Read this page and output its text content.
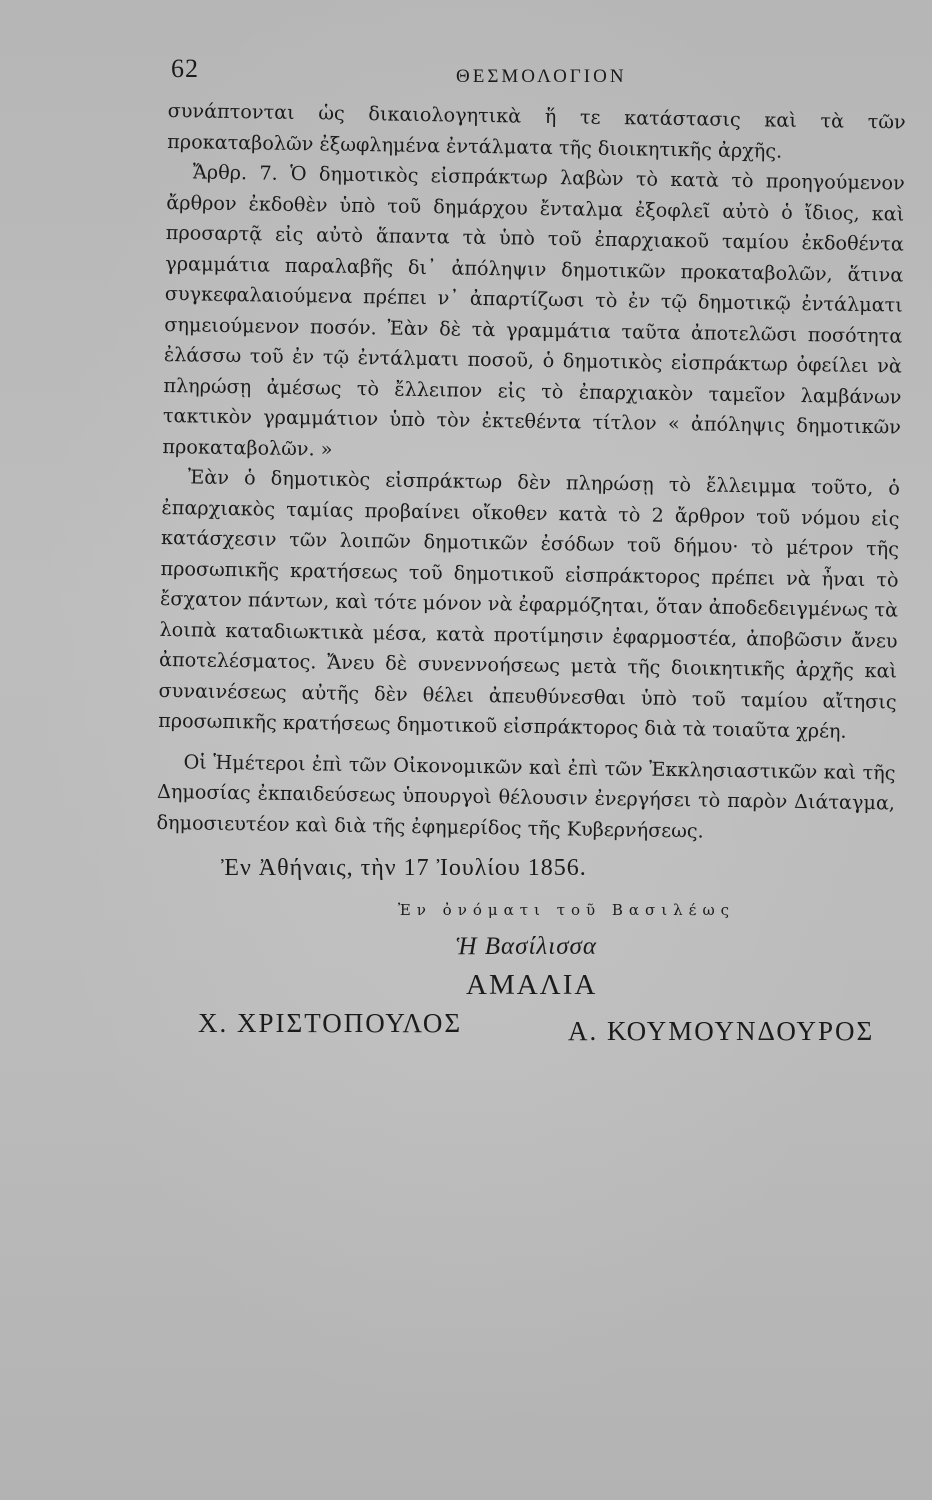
62	ΘΕΣΜΟΛΟΓΙΟΝ

συνάπτονται ὡς δικαιολογητικὰ ἥ τε κατάστασις καὶ τὰ τῶν προκαταβολῶν ἐξωφλημένα ἐντάλματα τῆς διοικητικῆς ἀρχῆς.

Ἄρθρ. 7. Ὁ δημοτικὸς εἰσπράκτωρ λαβὼν τὸ κατὰ τὸ προηγούμενον ἄρθρον ἐκδοθὲν ὑπὸ τοῦ δημάρχου ἔνταλμα ἐξοφλεῖ αὐτὸ ὁ ἴδιος, καὶ προσαρτᾷ εἰς αὐτὸ ἅπαντα τὰ ὑπὸ τοῦ ἐπαρχιακοῦ ταμίου ἐκδοθέντα γραμμάτια παραλαβῆς δι᾽ ἀπόληψιν δημοτικῶν προκαταβολῶν, ἅτινα συγκεφαλαιούμενα πρέπει ν᾽ ἀπαρτίζωσι τὸ ἐν τῷ δημοτικῷ ἐντάλματι σημειούμενον ποσόν. Ἐὰν δὲ τὰ γραμμάτια ταῦτα ἀποτελῶσι ποσότητα ἐλάσσω τοῦ ἐν τῷ ἐντάλματι ποσοῦ, ὁ δημοτικὸς εἰσπράκτωρ ὀφείλει νὰ πληρώσῃ ἀμέσως τὸ ἔλλειπον εἰς τὸ ἐπαρχιακὸν ταμεῖον λαμβάνων τακτικὸν γραμμάτιον ὑπὸ τὸν ἐκτεθέντα τίτλον « ἀπόληψις δημοτικῶν προκαταβολῶν. »

Ἐὰν ὁ δημοτικὸς εἰσπράκτωρ δὲν πληρώσῃ τὸ ἔλλειμμα τοῦτο, ὁ ἐπαρχιακὸς ταμίας προβαίνει οἴκοθεν κατὰ τὸ 2 ἄρθρον τοῦ νόμου εἰς κατάσχεσιν τῶν λοιπῶν δημοτικῶν ἐσόδων τοῦ δήμου· τὸ μέτρον τῆς προσωπικῆς κρατήσεως τοῦ δημοτικοῦ εἰσπράκτορος πρέπει νὰ ἦναι τὸ ἔσχατον πάντων, καὶ τότε μόνον νὰ ἐφαρμόζηται, ὅταν ἀποδεδειγμένως τὰ λοιπὰ καταδιωκτικὰ μέσα, κατὰ προτίμησιν ἐφαρμοστέα, ἀποβῶσιν ἄνευ ἀποτελέσματος. Ἄνευ δὲ συνεννοήσεως μετὰ τῆς διοικητικῆς ἀρχῆς καὶ συναινέσεως αὐτῆς δὲν θέλει ἀπευθύνεσθαι ὑπὸ τοῦ ταμίου αἴτησις προσωπικῆς κρατήσεως δημοτικοῦ εἰσπράκτορος διὰ τὰ τοιαῦτα χρέη.

Οἱ Ἡμέτεροι ἐπὶ τῶν Οἰκονομικῶν καὶ ἐπὶ τῶν Ἐκκλησιαστικῶν καὶ τῆς Δημοσίας ἐκπαιδεύσεως ὑπουργοὶ θέλουσιν ἐνεργήσει τὸ παρὸν Διάταγμα, δημοσιευτέον καὶ διὰ τῆς ἐφημερίδος τῆς Κυβερνήσεως.

Ἐν Ἀθήναις, τὴν 17 Ἰουλίου 1856.
Ἐν ὀνόματι τοῦ Βασιλέως
Ἡ Βασίλισσα
ΑΜΑΛΙΑ
Χ. ΧΡΙΣΤΟΠΟΥΛΟΣ	Α. ΚΟΥΜΟΥΝΔΟΥΡΟΣ
